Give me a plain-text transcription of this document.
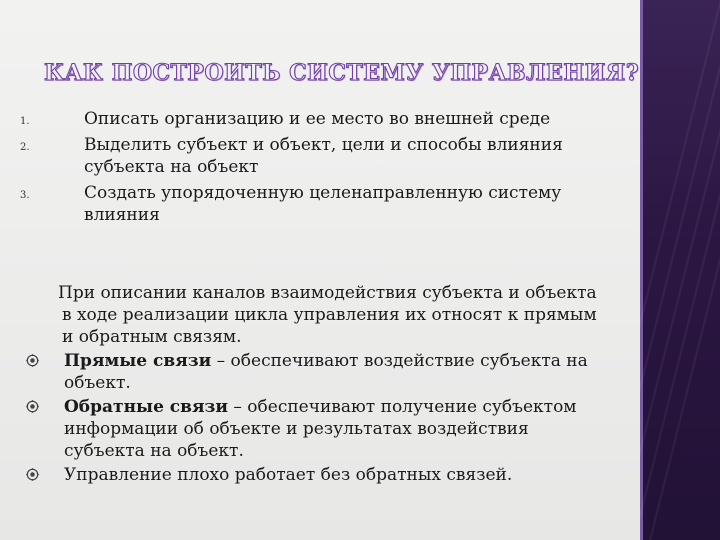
КАК ПОСТРОИТЬ СИСТЕМУ УПРАВЛЕНИЯ?
1.	Описать организацию и ее место во внешней среде
2.	Выделить субъект и объект, цели и способы влияния субъекта на объект
3.	Создать упорядоченную целенаправленную систему влияния
При описании каналов взаимодействия субъекта и объекта в ходе реализации цикла управления их относят к прямым и обратным связям.
Прямые связи – обеспечивают воздействие субъекта на объект.
Обратные связи – обеспечивают получение субъектом информации об объекте и результатах воздействия субъекта на объект.
Управление плохо работает без обратных связей.
